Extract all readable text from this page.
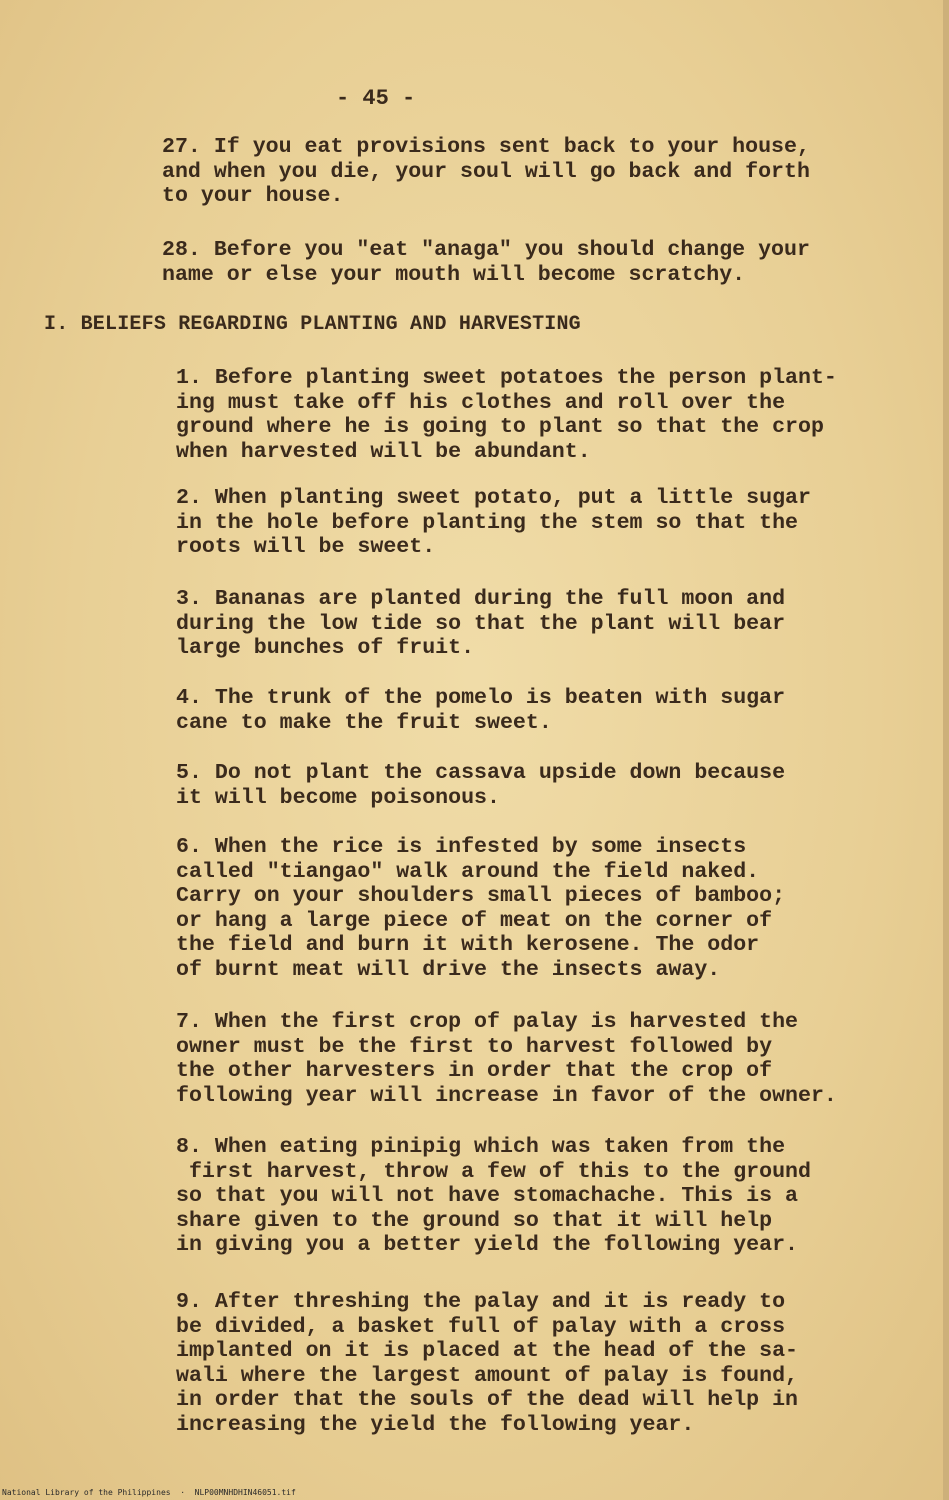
- 45 -

27. If you eat provisions sent back to your house,
and when you die, your soul will go back and forth
to your house.

28. Before you "eat "anaga" you should change your
name or else your mouth will become scratchy.

I. BELIEFS REGARDING PLANTING AND HARVESTING

1. Before planting sweet potatoes the person plant-
ing must take off his clothes and roll over the
ground where he is going to plant so that the crop
when harvested will be abundant.

2. When planting sweet potato, put a little sugar
in the hole before planting the stem so that the
roots will be sweet.

3. Bananas are planted during the full moon and
during the low tide so that the plant will bear
large bunches of fruit.

4. The trunk of the pomelo is beaten with sugar
cane to make the fruit sweet.

5. Do not plant the cassava upside down because
it will become poisonous.

6. When the rice is infested by some insects
called "tiangao" walk around the field naked.
Carry on your shoulders small pieces of bamboo;
or hang a large piece of meat on the corner of
the field and burn it with kerosene. The odor
of burnt meat will drive the insects away.

7. When the first crop of palay is harvested the
owner must be the first to harvest followed by
the other harvesters in order that the crop of
following year will increase in favor of the owner.

8. When eating pinipig which was taken from the
first harvest, throw a few of this to the ground
so that you will not have stomachache. This is a
share given to the ground so that it will help
in giving you a better yield the following year.

9. After threshing the palay and it is ready to
be divided, a basket full of palay with a cross
implanted on it is placed at the head of the sa-
wali where the largest amount of palay is found,
in order that the souls of the dead will help in
increasing the yield the following year.

National Library of the Philippines  ·  NLP00MNHDHIN46051.tif
